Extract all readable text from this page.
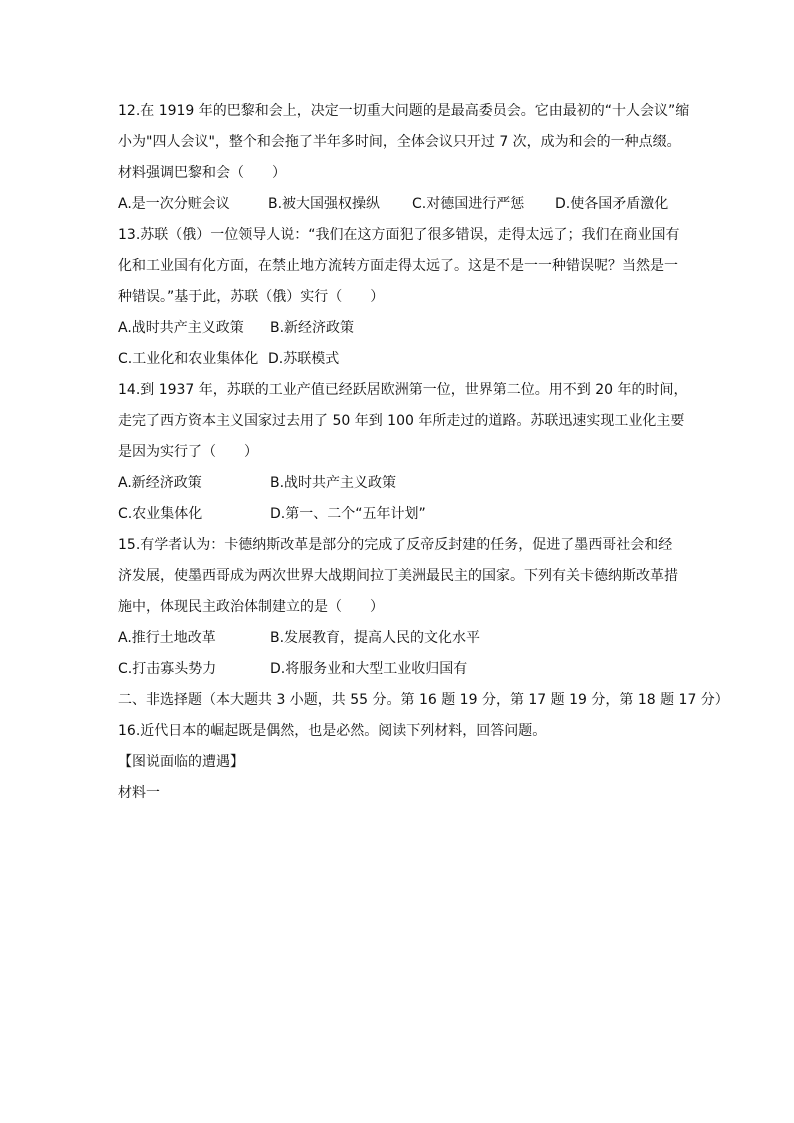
12.在 1919 年的巴黎和会上，决定一切重大问题的是最高委员会。它由最初的“十人会议”缩
小为"四人会议"，整个和会拖了半年多时间，全体会议只开过 7 次，成为和会的一种点缀。
材料强调巴黎和会（　　）
A.是一次分赃会议	B.被大国强权操纵 C.对德国进行严惩 D.使各国矛盾激化
13.苏联（俄）一位领导人说：“我们在这方面犯了很多错误，走得太远了；我们在商业国有
化和工业国有化方面，在禁止地方流转方面走得太远了。这是不是一一种错误呢？当然是一
种错误。”基于此，苏联（俄）实行（　　）
A.战时共产主义政策 B.新经济政策
C.工业化和农业集体化 D.苏联模式
14.到 1937 年，苏联的工业产值已经跃居欧洲第一位，世界第二位。用不到 20 年的时间，
走完了西方资本主义国家过去用了 50 年到 100 年所走过的道路。苏联迅速实现工业化主要
是因为实行了（　　）
A.新经济政策	B.战时共产主义政策
C.农业集体化	D.第一、二个“五年计划”
15.有学者认为：卡德纳斯改革是部分的完成了反帝反封建的任务，促进了墨西哥社会和经
济发展，使墨西哥成为两次世界大战期间拉丁美洲最民主的国家。下列有关卡德纳斯改革措
施中，体现民主政治体制建立的是（　　）
A.推行土地改革	B.发展教育，提高人民的文化水平
C.打击寡头势力	D.将服务业和大型工业收归国有
二、非选择题（本大题共 3 小题，共 55 分。第 16 题 19 分，第 17 题 19 分，第 18 题 17 分）
16.近代日本的崛起既是偶然，也是必然。阅读下列材料，回答问题。
【图说面临的遭遇】
材料一
